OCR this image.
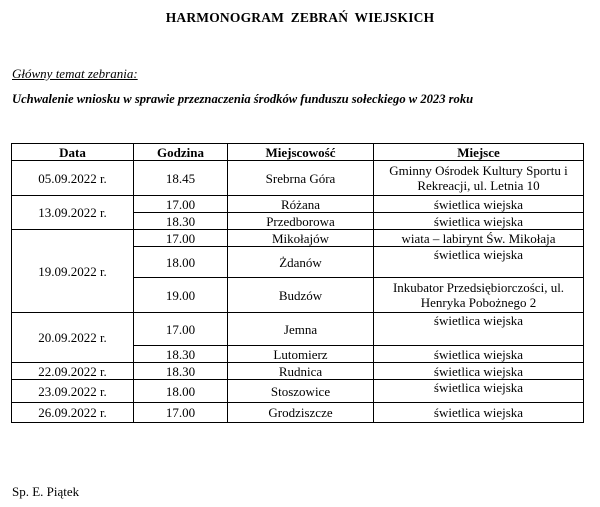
HARMONOGRAM ZEBRAŃ WIEJSKICH
Główny temat zebrania:
Uchwalenie wniosku w sprawie przeznaczenia środków funduszu sołeckiego w 2023 roku
Data	Godzina	Miejscowość	Miejsce
05.09.2022 r.	18.45	Srebrna Góra	Gminny Ośrodek Kultury Sportu i Rekreacji, ul. Letnia 10
13.09.2022 r.	17.00	Różana	świetlica wiejska
	18.30	Przedborowa	świetlica wiejska
19.09.2022 r.	17.00	Mikołajów	wiata – labirynt Św. Mikołaja
	18.00	Żdanów	świetlica wiejska
	19.00	Budzów	Inkubator Przedsiębiorczości, ul. Henryka Pobożnego 2
20.09.2022 r.	17.00	Jemna	świetlica wiejska
	18.30	Lutomierz	świetlica wiejska
22.09.2022 r.	18.30	Rudnica	świetlica wiejska
23.09.2022 r.	18.00	Stoszowice	świetlica wiejska
26.09.2022 r.	17.00	Grodziszcze	świetlica wiejska
Sp. E. Piątek
